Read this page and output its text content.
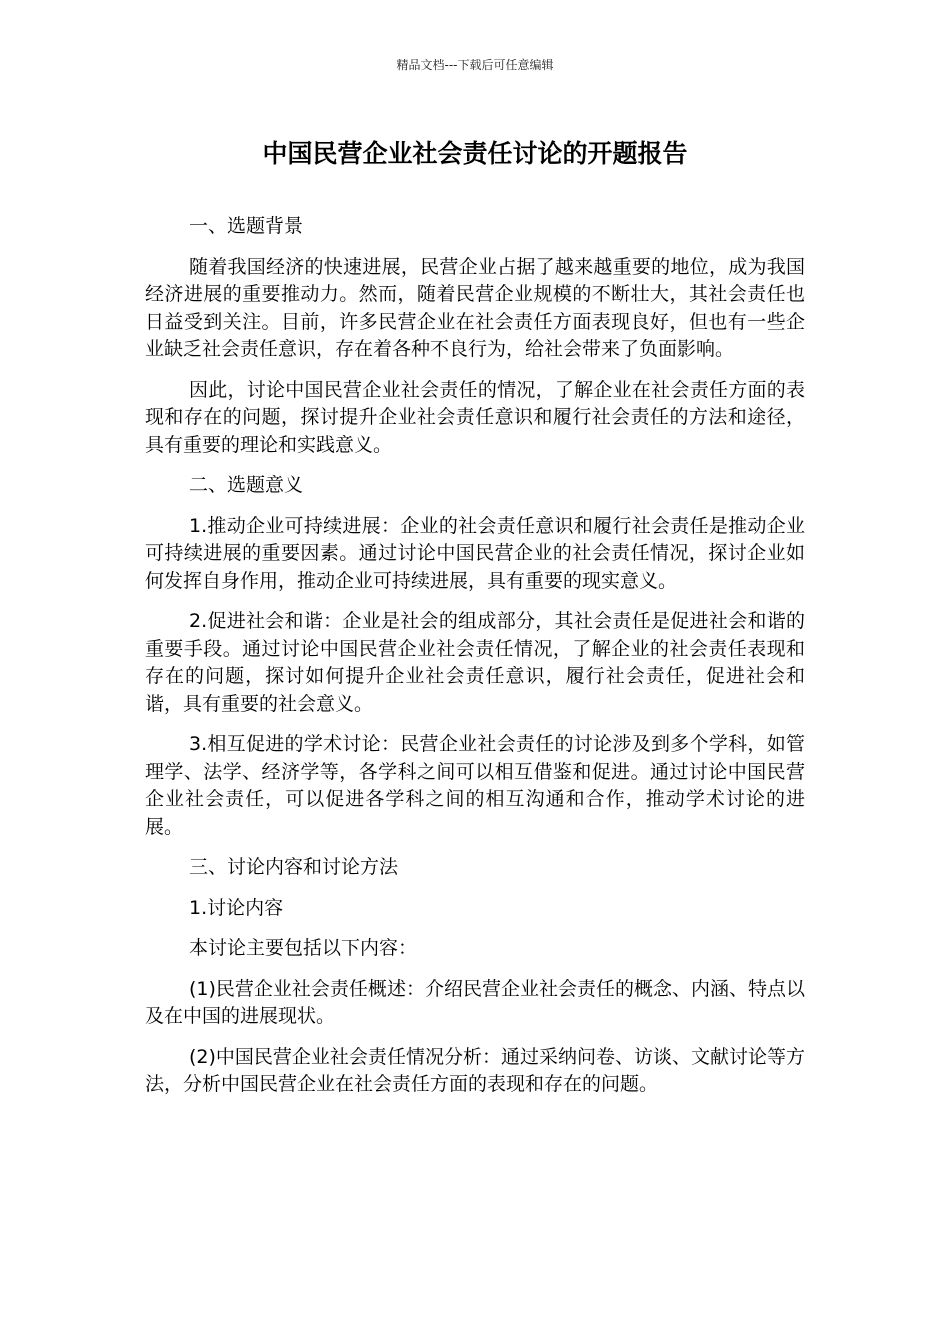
精品文档---下载后可任意编辑
中国民营企业社会责任讨论的开题报告

一、选题背景

随着我国经济的快速进展，民营企业占据了越来越重要的地位，成为我国经济进展的重要推动力。然而，随着民营企业规模的不断壮大，其社会责任也日益受到关注。目前，许多民营企业在社会责任方面表现良好，但也有一些企业缺乏社会责任意识，存在着各种不良行为，给社会带来了负面影响。

因此，讨论中国民营企业社会责任的情况，了解企业在社会责任方面的表现和存在的问题，探讨提升企业社会责任意识和履行社会责任的方法和途径，具有重要的理论和实践意义。

二、选题意义

1.推动企业可持续进展：企业的社会责任意识和履行社会责任是推动企业可持续进展的重要因素。通过讨论中国民营企业的社会责任情况，探讨企业如何发挥自身作用，推动企业可持续进展，具有重要的现实意义。

2.促进社会和谐：企业是社会的组成部分，其社会责任是促进社会和谐的重要手段。通过讨论中国民营企业社会责任情况，了解企业的社会责任表现和存在的问题，探讨如何提升企业社会责任意识，履行社会责任，促进社会和谐，具有重要的社会意义。

3.相互促进的学术讨论：民营企业社会责任的讨论涉及到多个学科，如管理学、法学、经济学等，各学科之间可以相互借鉴和促进。通过讨论中国民营企业社会责任，可以促进各学科之间的相互沟通和合作，推动学术讨论的进展。

三、讨论内容和讨论方法

1.讨论内容

本讨论主要包括以下内容：

(1)民营企业社会责任概述：介绍民营企业社会责任的概念、内涵、特点以及在中国的进展现状。

(2)中国民营企业社会责任情况分析：通过采纳问卷、访谈、文献讨论等方法，分析中国民营企业在社会责任方面的表现和存在的问题。
